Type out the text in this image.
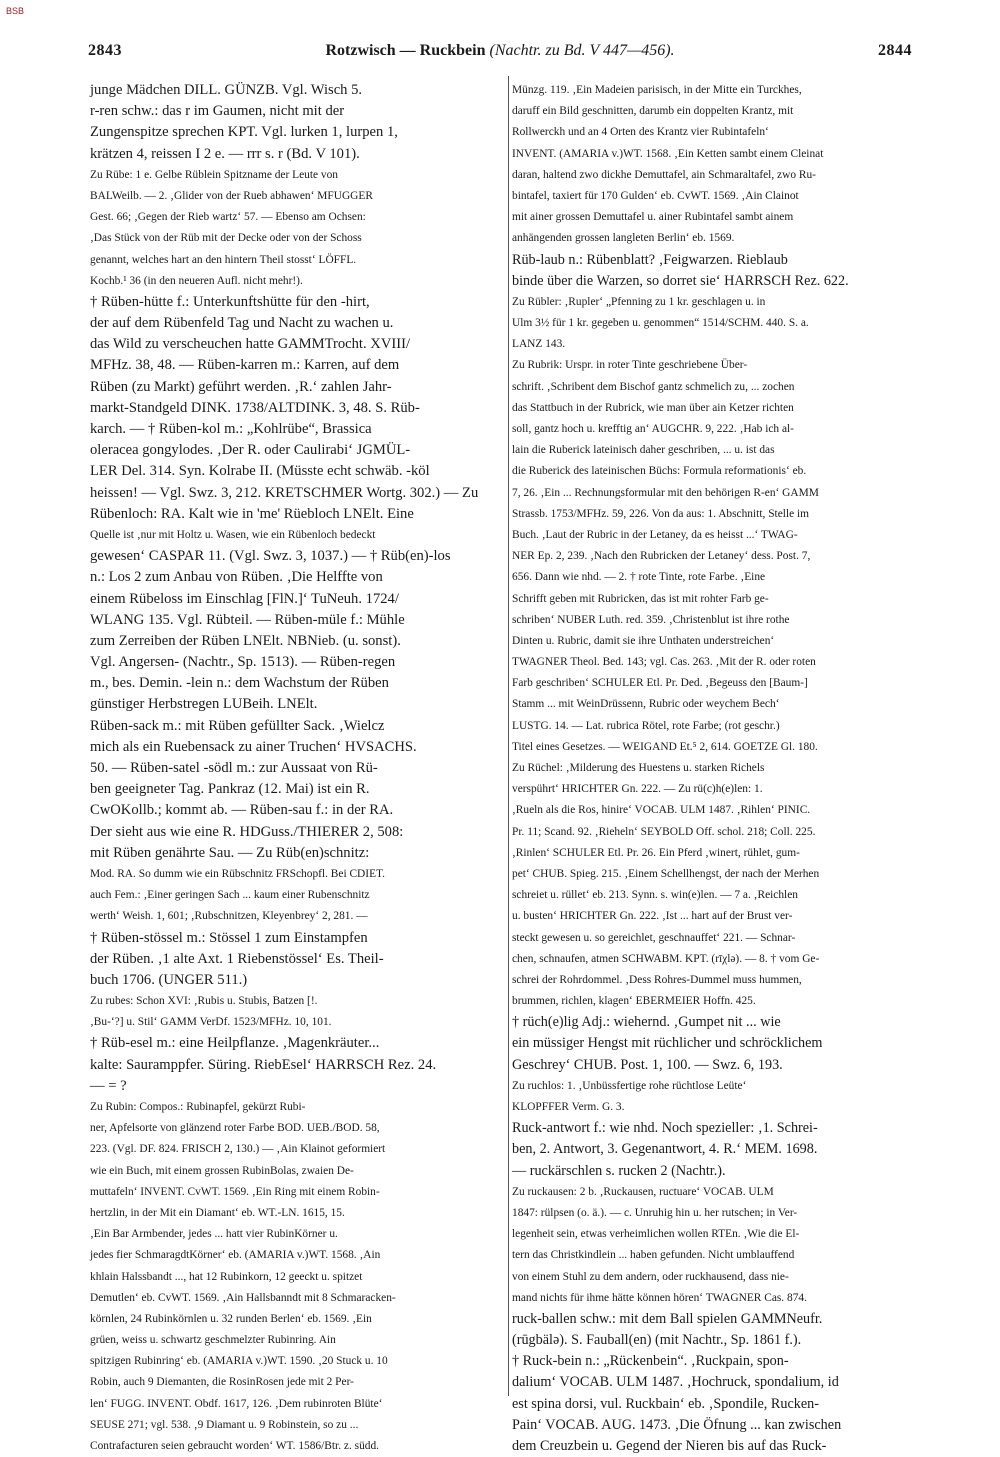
BSB
2843	Rotzwisch — Ruckbein (Nachtr. zu Bd. V 447—456).	2844
junge Mädchen DILL. GÜNZB. Vgl. Wisch 5.
r-ren schw.: das r im Gaumen, nicht mit der
Zungenspitze sprechen KPT. Vgl. lurken 1, lurpen 1,
krätzen 4, reissen I 2 e. — rrr s. r (Bd. V 101).
Zu Rübe: 1 e. Gelbe Rüblein Spitzname der Leute von
BALWeilb. — 2. ‚Glider von der Rueb abhawen‘ MFUGGER
Gest. 66; ‚Gegen der Rieb wartz‘ 57. — Ebenso am Ochsen:
‚Das Stück von der Rüb mit der Decke oder von der Schoss
genannt, welches hart an den hintern Theil stosst‘ LÖFFL.
Kochb.¹ 36 (in den neueren Aufl. nicht mehr!).
† Rüben-hütte f.: Unterkunftshütte für den -hirt,
der auf dem Rübenfeld Tag und Nacht zu wachen u.
das Wild zu verscheuchen hatte GAMMTrocht. XVIII/
MFHz. 38, 48. — Rüben-karren m.: Karren, auf dem
Rüben (zu Markt) geführt werden. ‚R.‘ zahlen Jahr-
markt-Standgeld DINK. 1738/ALTDINK. 3, 48. S. Rüb-
karch. — † Rüben-kol m.: „Kohlrübe“, Brassica
oleracea gongylodes. ‚Der R. oder Caulirabi‘ JGMÜL-
LER Del. 314. Syn. Kolrabe II. (Müsste echt schwäb. -köl
heissen! — Vgl. Swz. 3, 212. KRETSCHMER Wortg. 302.) — Zu
Rübenloch: RA. Kalt wie in 'me' Rüebloch LNElt. Eine
Quelle ist ‚nur mit Holtz u. Wasen, wie ein Rübenloch bedeckt
gewesen‘ CASPAR 11. (Vgl. Swz. 3, 1037.) — † Rüb(en)-los
n.: Los 2 zum Anbau von Rüben. ‚Die Helffte von
einem Rübeloss im Einschlag [FlN.]‘ TuNeuh. 1724/
WLANG 135. Vgl. Rübteil. — Rüben-müle f.: Mühle
zum Zerreiben der Rüben LNElt. NBNieb. (u. sonst).
Vgl. Angersen- (Nachtr., Sp. 1513). — Rüben-regen
m., bes. Demin. -lein n.: dem Wachstum der Rüben
günstiger Herbstregen LUBeih. LNElt.
Rüben-sack m.: mit Rüben gefüllter Sack. ‚Wielcz
mich als ein Ruebensack zu ainer Truchen‘ HVSACHS.
50. — Rüben-satel -södl m.: zur Aussaat von Rü-
ben geeigneter Tag. Pankraz (12. Mai) ist ein R.
CwOKollb.; kommt ab. — Rüben-sau f.: in der RA.
Der sieht aus wie eine R. HDGuss./THIERER 2, 508:
mit Rüben genährte Sau. — Zu Rüb(en)schnitz:
Mod. RA. So dumm wie ein Rübschnitz FRSchopfl. Bei CDIET.
auch Fem.: ‚Einer geringen Sach ... kaum einer Rubenschnitz
werth‘ Weish. 1, 601; ‚Rubschnitzen, Kleyenbrey‘ 2, 281. —
† Rüben-stössel m.: Stössel 1 zum Einstampfen
der Rüben. ‚1 alte Axt. 1 Riebenstössel‘ Es. Theil-
buch 1706. (UNGER 511.)
Zu rubes: Schon XVI: ‚Rubis u. Stubis, Batzen [!.
‚Bu-‘?] u. Stil‘ GAMM VerDf. 1523/MFHz. 10, 101.
† Rüb-esel m.: eine Heilpflanze. ‚Magenkräuter...
kalte: Sauramppfer. Süring. RiebEsel‘ HARRSCH Rez. 24.
— = ?
Zu Rubin: Compos.: Rubinapfel, gekürzt Rubi-
ner, Apfelsorte von glänzend roter Farbe BOD. UEB./BOD. 58,
223. (Vgl. DF. 824. FRISCH 2, 130.) — ‚Ain Klainot geformiert
wie ein Buch, mit einem grossen RubinBolas, zwaien De-
muttafeln‘ INVENT. CvWT. 1569. ‚Ein Ring mit einem Robin-
hertzlin, in der Mit ein Diamant‘ eb. WT.-LN. 1615, 15.
‚Ein Bar Armbender, jedes ... hatt vier RubinKörner u.
jedes fier SchmaragdtKörner‘ eb. (AMARIA v.)WT. 1568. ‚Ain
khlain Halssbandt ..., hat 12 Rubinkorn, 12 geeckt u. spitzet
Demutlen‘ eb. CvWT. 1569. ‚Ain Hallsbanndt mit 8 Schmaracken-
körnlen, 24 Rubinkörnlen u. 32 runden Berlen‘ eb. 1569. ‚Ein
grüen, weiss u. schwartz geschmelzter Rubinring. Ain
spitzigen Rubinring‘ eb. (AMARIA v.)WT. 1590. ‚20 Stuck u. 10
Robin, auch 9 Diemanten, die RosinRosen jede mit 2 Per-
len‘ FUGG. INVENT. Obdf. 1617, 126. ‚Dem rubinroten Blüte‘
SEUSE 271; vgl. 538. ‚9 Diamant u. 9 Robinstein, so zu ...
Contrafacturen seien gebraucht worden‘ WT. 1586/Btr. z. südd.
Münzg. 119. ‚Ein Madeien parisisch, in der Mitte ein Turckhes,
daruff ein Bild geschnitten, darumb ein doppelten Krantz, mit
Rollwerckh und an 4 Orten des Krantz vier Rubintafeln‘
INVENT. (AMARIA v.)WT. 1568. ‚Ein Ketten sambt einem Cleinat
daran, haltend zwo dickhe Demuttafel, ain Schmaraltafel, zwo Ru-
bintafel, taxiert für 170 Gulden‘ eb. CvWT. 1569. ‚Ain Clainot
mit ainer grossen Demuttafel u. ainer Rubintafel sambt ainem
anhängenden grossen langleten Berlin‘ eb. 1569.
Rüb-laub n.: Rübenblatt? ‚Feigwarzen. Rieblaub
binde über die Warzen, so dorret sie‘ HARRSCH Rez. 622.
Zu Rübler: ‚Rupler‘ „Pfenning zu 1 kr. geschlagen u. in
Ulm 3½ für 1 kr. gegeben u. genommen“ 1514/SCHM. 440. S. a.
LANZ 143.
Zu Rubrik: Urspr. in roter Tinte geschriebene Über-
schrift. ‚Schribent dem Bischof gantz schmelich zu, ... zochen
das Stattbuch in der Rubrick, wie man über ain Ketzer richten
soll, gantz hoch u. krefftig an‘ AUGCHR. 9, 222. ‚Hab ich al-
lain die Ruberick lateinisch daher geschriben, ... u. ist das
die Ruberick des lateinischen Büchs: Formula reformationis‘ eb.
7, 26. ‚Ein ... Rechnungsformular mit den behörigen R-en‘ GAMM
Strassb. 1753/MFHz. 59, 226. Von da aus: 1. Abschnitt, Stelle im
Buch. ‚Laut der Rubric in der Letaney, da es heisst ...‘ TWAG-
NER Ep. 2, 239. ‚Nach den Rubricken der Letaney‘ dess. Post. 7,
656. Dann wie nhd. — 2. † rote Tinte, rote Farbe. ‚Eine
Schrifft geben mit Rubricken, das ist mit rohter Farb ge-
schriben‘ NUBER Luth. red. 359. ‚Christenblut ist ihre rothe
Dinten u. Rubric, damit sie ihre Unthaten understreichen‘
TWAGNER Theol. Bed. 143; vgl. Cas. 263. ‚Mit der R. oder roten
Farb geschriben‘ SCHULER Etl. Pr. Ded. ‚Begeuss den [Baum-]
Stamm ... mit WeinDrüssenn, Rubric oder weychem Bech‘
LUSTG. 14. — Lat. rubrica Rötel, rote Farbe; (rot geschr.)
Titel eines Gesetzes. — WEIGAND Et.⁵ 2, 614. GOETZE Gl. 180.
Zu Rüchel: ‚Milderung des Huestens u. starken Richels
verspührt‘ HRICHTER Gn. 222. — Zu rü(c)h(e)len: 1.
‚Rueln als die Ros, hinire‘ VOCAB. ULM 1487. ‚Rihlen‘ PINIC.
Pr. 11; Scand. 92. ‚Rieheln‘ SEYBOLD Off. schol. 218; Coll. 225.
‚Rinlen‘ SCHULER Etl. Pr. 26. Ein Pferd ‚winert, rühlet, gum-
pet‘ CHUB. Spieg. 215. ‚Einem Schellhengst, der nach der Merhen
schreiet u. rüllet‘ eb. 213. Synn. s. win(e)len. — 7 a. ‚Reichlen
u. busten‘ HRICHTER Gn. 222. ‚Ist ... hart auf der Brust ver-
steckt gewesen u. so gereichlet, geschnauffet‘ 221. — Schnar-
chen, schnaufen, atmen SCHWABM. KPT. (rīχlə). — 8. † vom Ge-
schrei der Rohrdommel. ‚Dess Rohres-Dummel muss hummen,
brummen, richlen, klagen‘ EBERMEIER Hoffn. 425.
† rüch(e)lig Adj.: wiehernd. ‚Gumpet nit ... wie
ein müssiger Hengst mit rüchlicher und schröcklichem
Geschrey‘ CHUB. Post. 1, 100. — Swz. 6, 193.
Zu ruchlos: 1. ‚Unbüssfertige rohe rüchtlose Leüte‘
KLOPFFER Verm. G. 3.
Ruck-antwort f.: wie nhd. Noch spezieller: ‚1. Schrei-
ben, 2. Antwort, 3. Gegenantwort, 4. R.‘ MEM. 1698.
— ruckärschlen s. rucken 2 (Nachtr.).
Zu ruckausen: 2 b. ‚Ruckausen, ructuare‘ VOCAB. ULM
1847: rülpsen (o. ä.). — c. Unruhig hin u. her rutschen; in Ver-
legenheit sein, etwas verheimlichen wollen RTEn. ‚Wie die El-
tern das Christkindlein ... haben gefunden. Nicht umblauffend
von einem Stuhl zu dem andern, oder ruckhausend, dass nie-
mand nichts für ihme hätte können hören‘ TWAGNER Cas. 874.
ruck-ballen schw.: mit dem Ball spielen GAMMNeufr.
(rūgbälə). S. Fauball(en) (mit Nachtr., Sp. 1861 f.).
† Ruck-bein n.: „Rückenbein“. ‚Ruckpain, spon-
dalium‘ VOCAB. ULM 1487. ‚Hochruck, spondalium, id
est spina dorsi, vul. Ruckbain‘ eb. ‚Spondile, Rucken-
Pain‘ VOCAB. AUG. 1473. ‚Die Öfnung ... kan zwischen
dem Creuzbein u. Gegend der Nieren bis auf das Ruck-
